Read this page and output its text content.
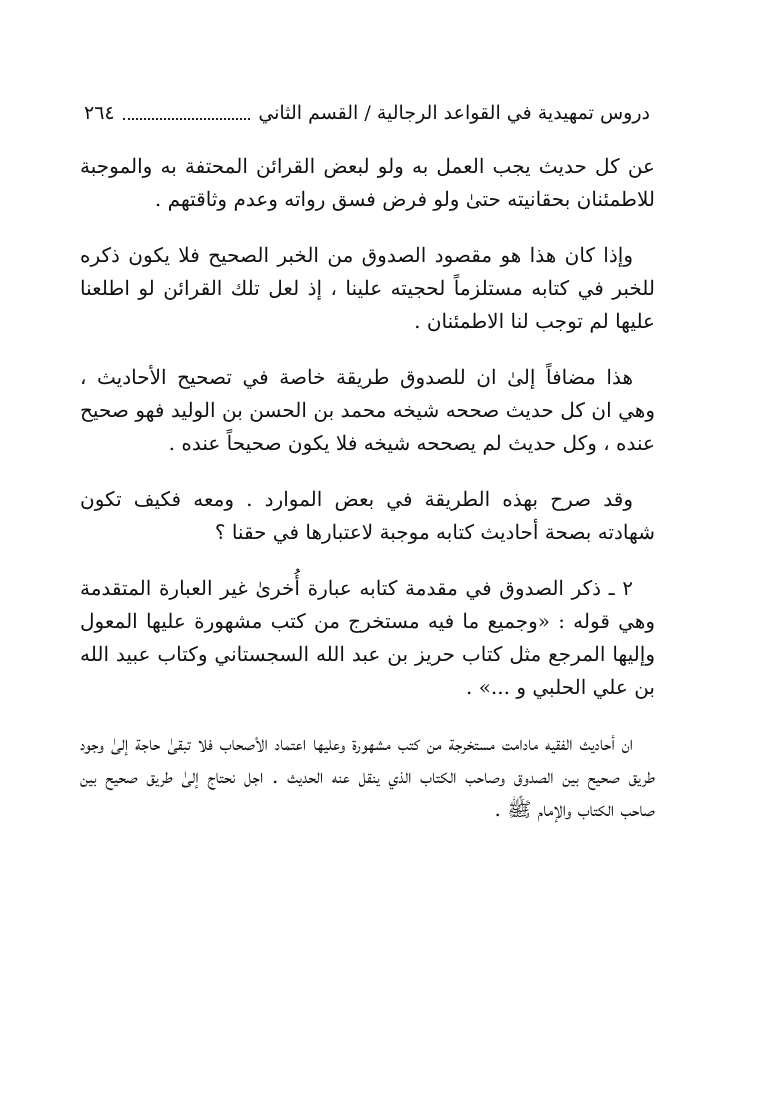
دروس تمهيدية في القواعد الرجالية / القسم الثاني
٢٦٤

عن كل حديث يجب العمل به ولو لبعض القرائن المحتفة به والموجبة للاطمئنان بحقانيته حتىٰ ولو فرض فسق رواته وعدم وثاقتهم .

وإذا كان هذا هو مقصود الصدوق من الخبر الصحيح فلا يكون ذكره للخبر في كتابه مستلزماً لحجيته علينا ، إذ لعل تلك القرائن لو اطلعنا عليها لم توجب لنا الاطمئنان .

هذا مضافاً إلىٰ ان للصدوق طريقة خاصة في تصحيح الأحاديث ، وهي ان كل حديث صححه شيخه محمد بن الحسن بن الوليد فهو صحيح عنده ، وكل حديث لم يصححه شيخه فلا يكون صحيحاً عنده .

وقد صرح بهذه الطريقة في بعض الموارد . ومعه فكيف تكون شهادته بصحة أحاديث كتابه موجبة لاعتبارها في حقنا ؟

٢ ـ ذكر الصدوق في مقدمة كتابه عبارة أُخرىٰ غير العبارة المتقدمة وهي قوله : «وجميع ما فيه مستخرج من كتب مشهورة عليها المعول وإليها المرجع مثل كتاب حريز بن عبد الله السجستاني وكتاب عبيد الله بن علي الحلبي و ...» .

ان أحاديث الفقيه مادامت مستخرجة من كتب مشهورة وعليها اعتماد الأصحاب فلا تبقىٰ حاجة إلىٰ وجود طريق صحيح بين الصدوق وصاحب الكتاب الذي ينقل عنه الحديث . اجل نحتاج إلىٰ طريق صحيح بين صاحب الكتاب والإمام ﷺ .
